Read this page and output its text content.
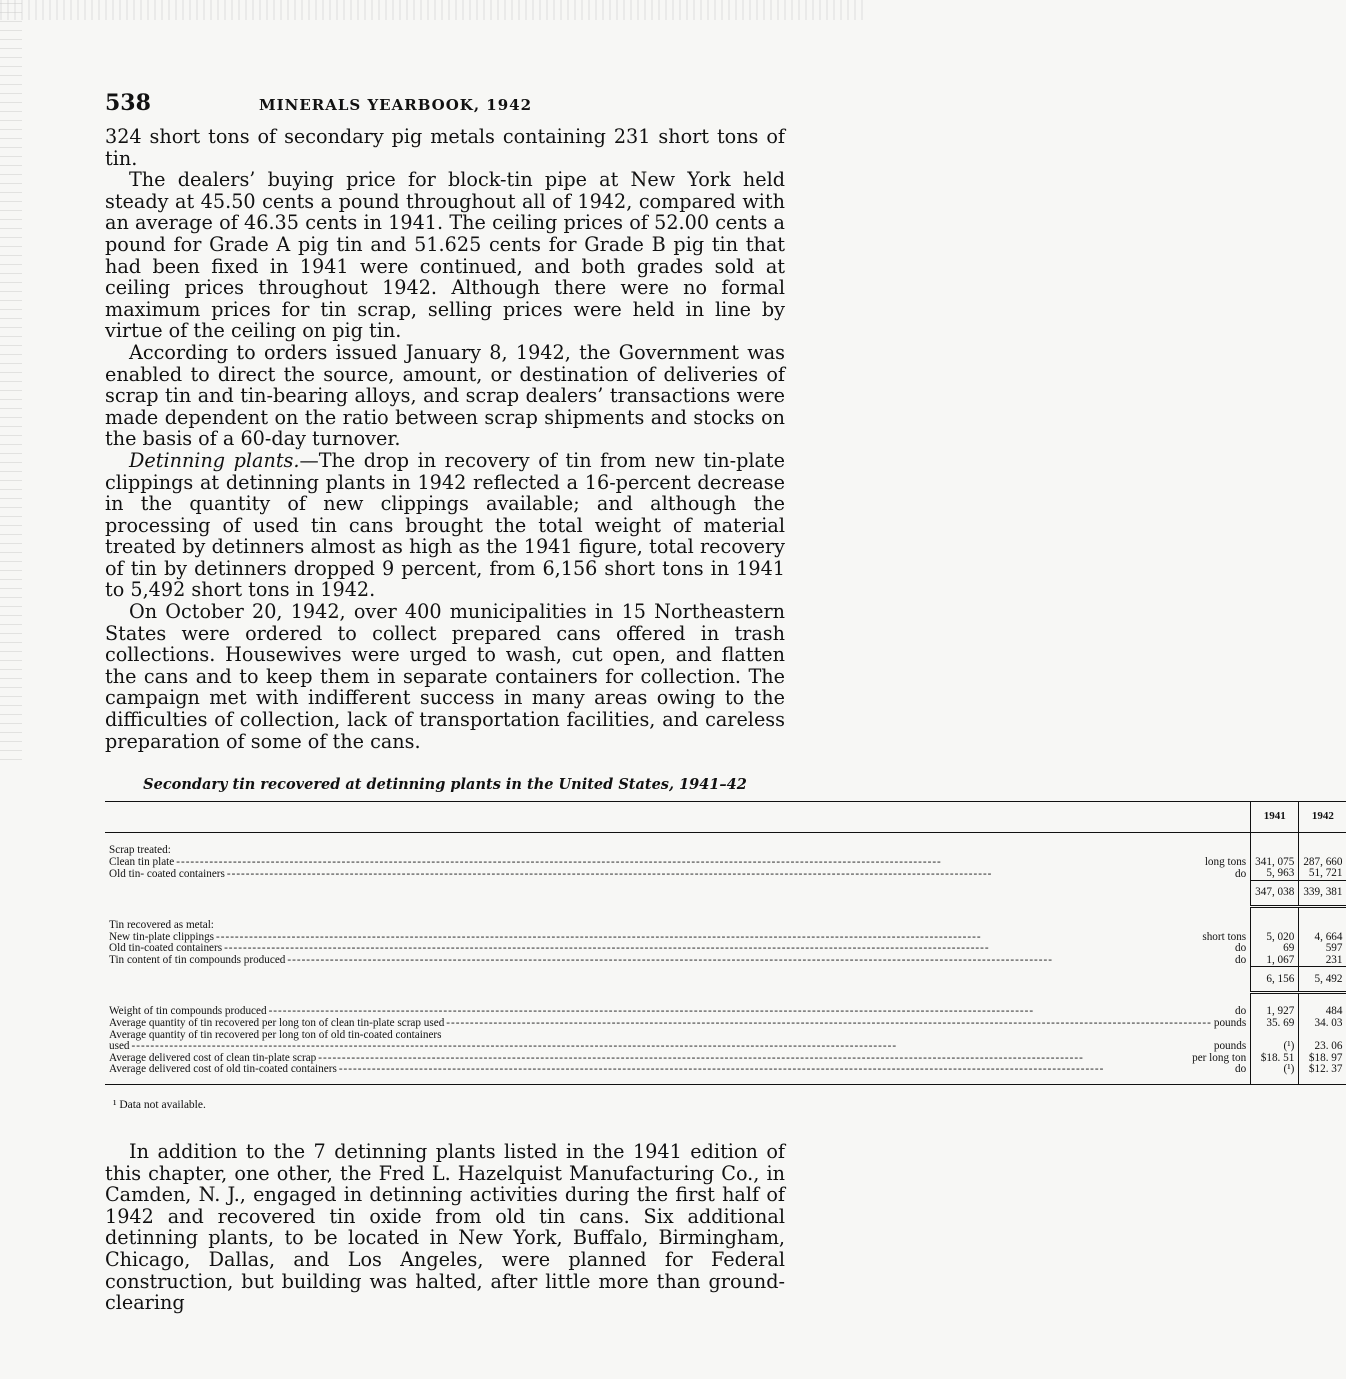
538	MINERALS YEARBOOK, 1942

324 short tons of secondary pig metals containing 231 short tons of tin.

The dealers’ buying price for block-tin pipe at New York held steady at 45.50 cents a pound throughout all of 1942, compared with an average of 46.35 cents in 1941. The ceiling prices of 52.00 cents a pound for Grade A pig tin and 51.625 cents for Grade B pig tin that had been fixed in 1941 were continued, and both grades sold at ceiling prices throughout 1942. Although there were no formal maximum prices for tin scrap, selling prices were held in line by virtue of the ceiling on pig tin.

According to orders issued January 8, 1942, the Government was enabled to direct the source, amount, or destination of deliveries of scrap tin and tin-bearing alloys, and scrap dealers’ transactions were made dependent on the ratio between scrap shipments and stocks on the basis of a 60-day turnover.

Detinning plants.—The drop in recovery of tin from new tin-plate clippings at detinning plants in 1942 reflected a 16-percent decrease in the quantity of new clippings available; and although the processing of used tin cans brought the total weight of material treated by detinners almost as high as the 1941 figure, total recovery of tin by detinners dropped 9 percent, from 6,156 short tons in 1941 to 5,492 short tons in 1942.

On October 20, 1942, over 400 municipalities in 15 Northeastern States were ordered to collect prepared cans offered in trash collections. Housewives were urged to wash, cut open, and flatten the cans and to keep them in separate containers for collection. The campaign met with indifferent success in many areas owing to the difficulties of collection, lack of transportation facilities, and careless preparation of some of the cans.

Secondary tin recovered at detinning plants in the United States, 1941–42
	1941	1942

Scrap treated:		

Clean tin plate ----- long tons	341, 075	287, 660

Old tin- coated containers ----- do	5, 963	51, 721
	347, 038	339, 381

Tin recovered as metal:		

New tin-plate clippings ----- short tons	5, 020	4, 664

Old tin-coated containers ----- do	69	597

Tin content of tin compounds produced ----- do	1, 067	231
	6, 156	5, 492

Weight of tin compounds produced ----- do	1, 927	484

Average quantity of tin recovered per long ton of clean tin-plate scrap used ----- pounds	35. 69	34. 03
Average quantity of tin recovered per long ton of old tin-coated containers		

used ----- pounds	(¹)	23. 06

Average delivered cost of clean tin-plate scrap ----- per long ton	$18. 51	$18. 97

Average delivered cost of old tin-coated containers ----- do	(¹)	$12. 37
¹ Data not available.

In addition to the 7 detinning plants listed in the 1941 edition of this chapter, one other, the Fred L. Hazelquist Manufacturing Co., in Camden, N. J., engaged in detinning activities during the first half of 1942 and recovered tin oxide from old tin cans. Six additional detinning plants, to be located in New York, Buffalo, Birmingham, Chicago, Dallas, and Los Angeles, were planned for Federal construction, but building was halted, after little more than ground-clearing
